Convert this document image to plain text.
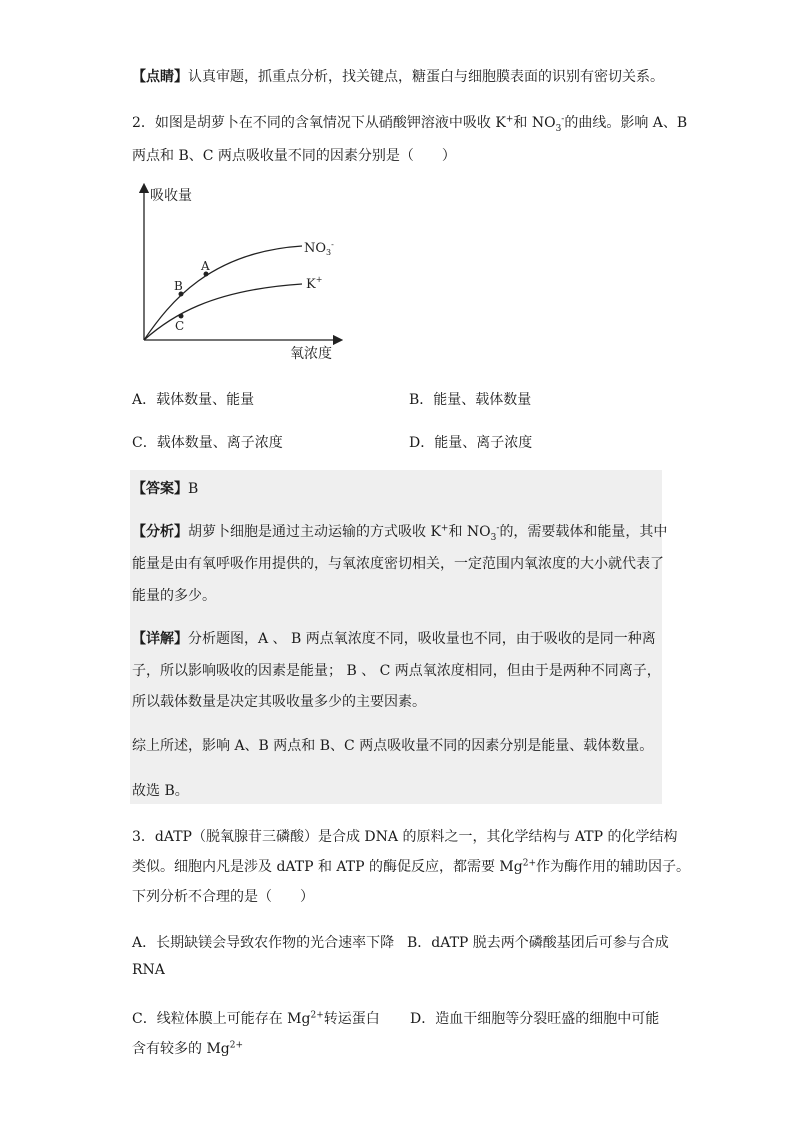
【点睛】认真审题，抓重点分析，找关键点，糖蛋白与细胞膜表面的识别有密切关系。
2．如图是胡萝卜在不同的含氧情况下从硝酸钾溶液中吸收 K+和 $NO_3^-$的曲线。影响 A、B
两点和 B、C 两点吸收量不同的因素分别是（　　）
吸收量
氧浓度
$NO_3^-$
K+
A
B
C
A．载体数量、能量	B．能量、载体数量
C．载体数量、离子浓度	D．能量、离子浓度
【答案】B
【分析】胡萝卜细胞是通过主动运输的方式吸收 K+和 $NO_3^-$的，需要载体和能量，其中
能量是由有氧呼吸作用提供的，与氧浓度密切相关，一定范围内氧浓度的大小就代表了
能量的多少。
【详解】分析题图，A 、 B 两点氧浓度不同，吸收量也不同，由于吸收的是同一种离
子，所以影响吸收的因素是能量； B 、 C 两点氧浓度相同，但由于是两种不同离子，
所以载体数量是决定其吸收量多少的主要因素。
综上所述，影响 A、B 两点和 B、C 两点吸收量不同的因素分别是能量、载体数量。
故选 B。
3．dATP（脱氧腺苷三磷酸）是合成 DNA 的原料之一，其化学结构与 ATP 的化学结构
类似。细胞内凡是涉及 dATP 和 ATP 的酶促反应，都需要 $Mg^{2+}$作为酶作用的辅助因子。
下列分析不合理的是（　　）
A．长期缺镁会导致农作物的光合速率下降 B．dATP 脱去两个磷酸基团后可参与合成
RNA
C．线粒体膜上可能存在 $Mg^{2+}$转运蛋白 D．造血干细胞等分裂旺盛的细胞中可能
含有较多的 $Mg^{2+}$
